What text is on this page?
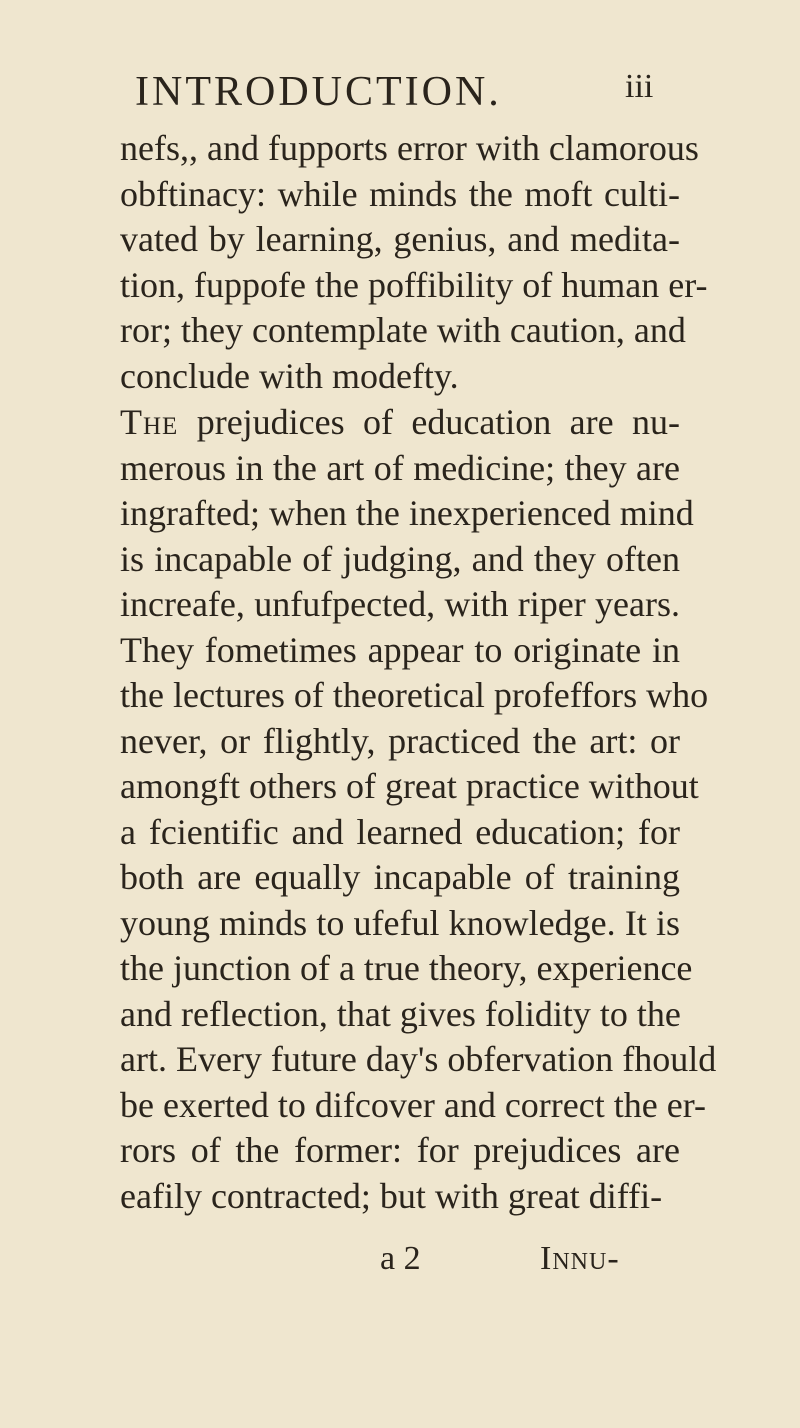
INTRODUCTION.	iii
nefs,, and fupports error with clamorous
obftinacy: while minds the moft culti-
vated by learning, genius, and medita-
tion, fuppofe the poffibility of human er-
ror; they contemplate with caution, and
conclude with modefty.
The prejudices of education are nu-
merous in the art of medicine; they are
ingrafted; when the inexperienced mind
is incapable of judging, and they often
increafe, unfufpected, with riper years.
They fometimes appear to originate in
the lectures of theoretical profeffors who
never, or flightly, practiced the art: or
amongft others of great practice without
a fcientific and learned education; for
both are equally incapable of training
young minds to ufeful knowledge. It is
the junction of a true theory, experience
and reflection, that gives folidity to the
art. Every future day's obfervation fhould
be exerted to difcover and correct the er-
rors of the former: for prejudices are
eafily contracted; but with great diffi-
a 2	Innu-
